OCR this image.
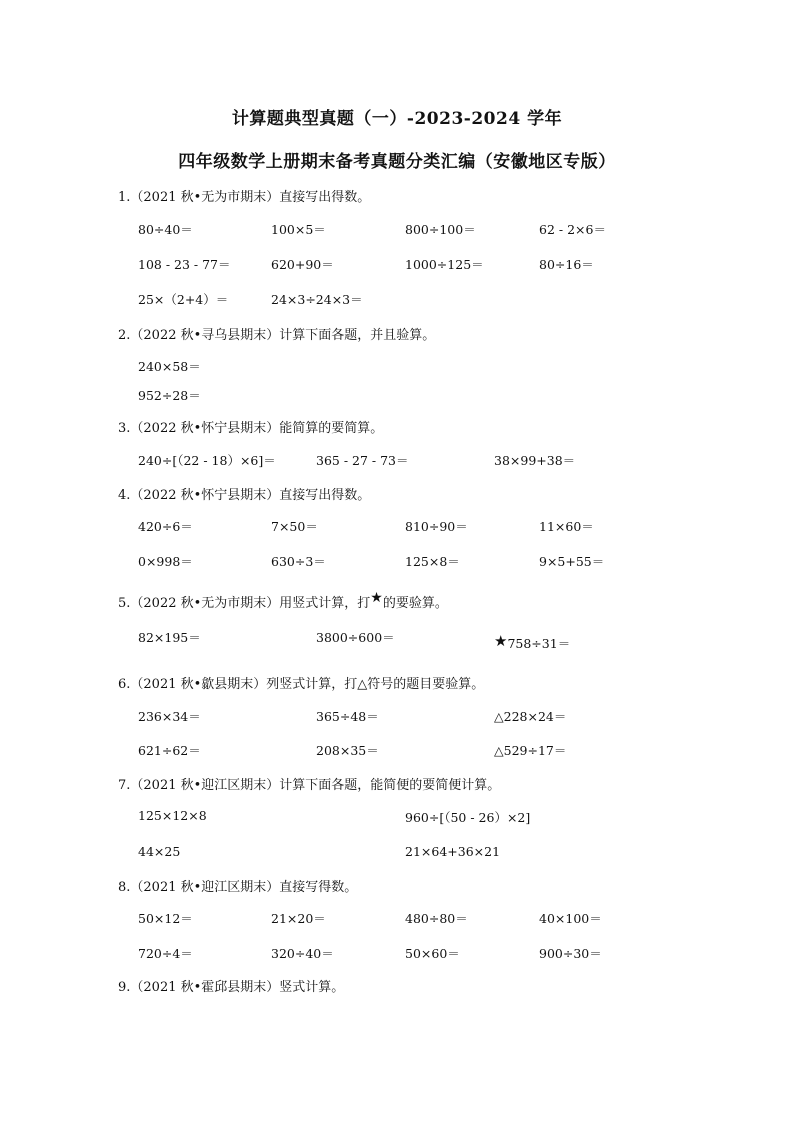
计算题典型真题（一）-2023-2024 学年
四年级数学上册期末备考真题分类汇编（安徽地区专版）
1.（2021 秋•无为市期末）直接写出得数。
80÷40＝	100×5＝	800÷100＝	62 - 2×6＝
108 - 23 - 77＝	620+90＝	1000÷125＝	80÷16＝
25×（2+4）＝	24×3÷24×3＝
2.（2022 秋•寻乌县期末）计算下面各题，并且验算。
240×58＝
952÷28＝
3.（2022 秋•怀宁县期末）能简算的要简算。
240÷[（22 - 18）×6]＝	365 - 27 - 73＝	38×99+38＝
4.（2022 秋•怀宁县期末）直接写出得数。
420÷6＝	7×50＝	810÷90＝	11×60＝
0×998＝	630÷3＝	125×8＝	9×5+55＝
5.（2022 秋•无为市期末）用竖式计算，打★的要验算。
82×195＝	3800÷600＝	★758÷31＝
6.（2021 秋•歙县期末）列竖式计算，打△符号的题目要验算。
236×34＝	365÷48＝	△228×24＝
621÷62＝	208×35＝	△529÷17＝
7.（2021 秋•迎江区期末）计算下面各题，能简便的要简便计算。
125×12×8	960÷[（50 - 26）×2]
44×25	21×64+36×21
8.（2021 秋•迎江区期末）直接写得数。
50×12＝	21×20＝	480÷80＝	40×100＝
720÷4＝	320÷40＝	50×60＝	900÷30＝
9.（2021 秋•霍邱县期末）竖式计算。
